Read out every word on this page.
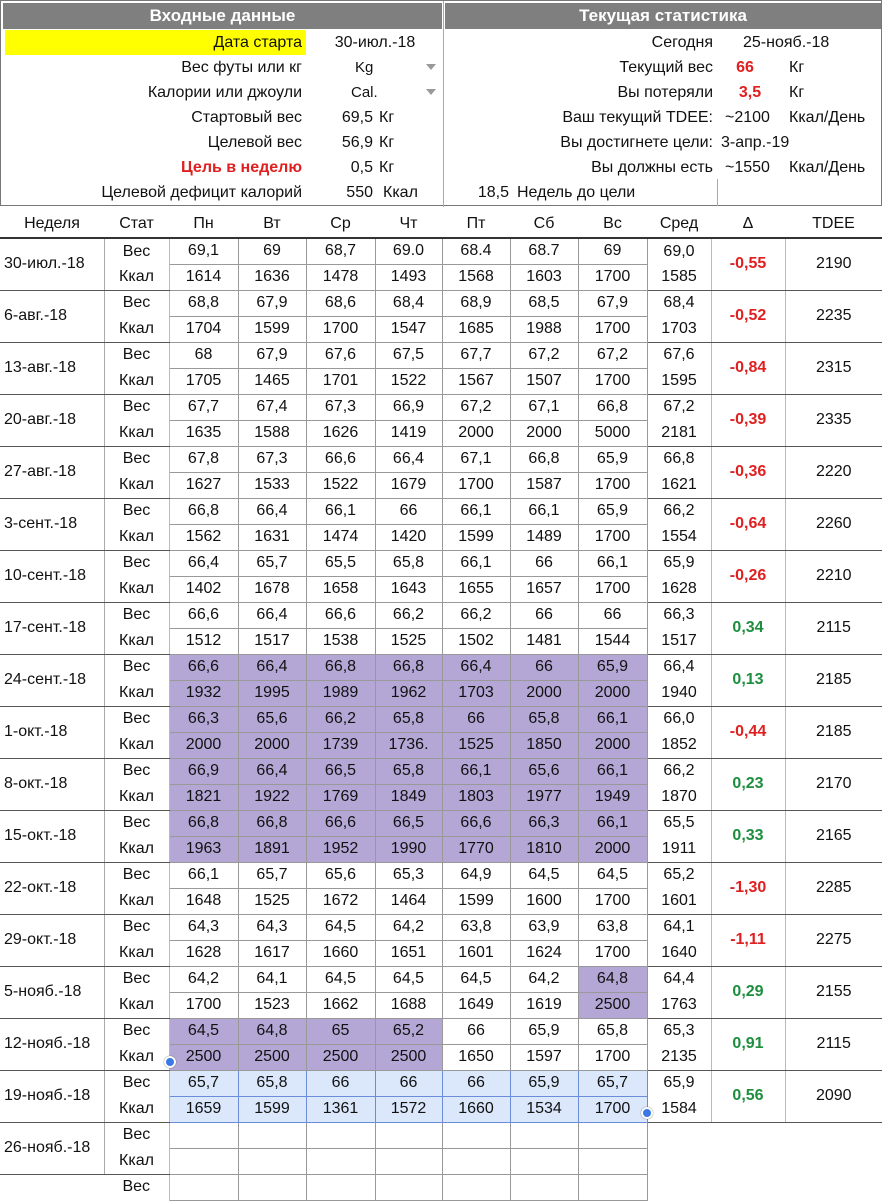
Входные данные	Текущая статистика
Дата старта	30-июл.-18
Вес футы или кг	Kg
Калории или джоули	Cal.
Стартовый вес	69,5 Кг
Целевой вес	56,9 Кг
Цель в неделю	0,5 Кг
Целевой дефицит калорий	550 Ккал
Сегодня 25-нояб.-18
Текущий вес	66	Кг
Вы потеряли	3,5	Кг
Ваш текущий TDEE: ~2100	Ккал/День
Вы достигнете цели: 3-апр.-19
Вы должны есть ~1550	Ккал/День
18,5 Недель до цели
Неделя	Стат	Пн	Вт	Ср	Чт	Пт	Сб	Вс	Сред	Δ	TDEE
30-июл.-18	Вес	69,1	69	68,7	69.0	68.4	68.7	69	69,0	-0,55	2190
	Ккал	1614	1636	1478	1493	1568	1603	1700	1585		
6-авг.-18	Вес	68,8	67,9	68,6	68,4	68,9	68,5	67,9	68,4	-0,52	2235
	Ккал	1704	1599	1700	1547	1685	1988	1700	1703		
13-авг.-18	Вес	68	67,9	67,6	67,5	67,7	67,2	67,2	67,6	-0,84	2315
	Ккал	1705	1465	1701	1522	1567	1507	1700	1595		
20-авг.-18	Вес	67,7	67,4	67,3	66,9	67,2	67,1	66,8	67,2	-0,39	2335
	Ккал	1635	1588	1626	1419	2000	2000	5000	2181		
27-авг.-18	Вес	67,8	67,3	66,6	66,4	67,1	66,8	65,9	66,8	-0,36	2220
	Ккал	1627	1533	1522	1679	1700	1587	1700	1621		
3-сент.-18	Вес	66,8	66,4	66,1	66	66,1	66,1	65,9	66,2	-0,64	2260
	Ккал	1562	1631	1474	1420	1599	1489	1700	1554		
10-сент.-18	Вес	66,4	65,7	65,5	65,8	66,1	66	66,1	65,9	-0,26	2210
	Ккал	1402	1678	1658	1643	1655	1657	1700	1628		
17-сент.-18	Вес	66,6	66,4	66,6	66,2	66,2	66	66	66,3	0,34	2115
	Ккал	1512	1517	1538	1525	1502	1481	1544	1517		
24-сент.-18	Вес	66,6	66,4	66,8	66,8	66,4	66	65,9	66,4	0,13	2185
	Ккал	1932	1995	1989	1962	1703	2000	2000	1940		
1-окт.-18	Вес	66,3	65,6	66,2	65,8	66	65,8	66,1	66,0	-0,44	2185
	Ккал	2000	2000	1739	1736.	1525	1850	2000	1852		
8-окт.-18	Вес	66,9	66,4	66,5	65,8	66,1	65,6	66,1	66,2	0,23	2170
	Ккал	1821	1922	1769	1849	1803	1977	1949	1870		
15-окт.-18	Вес	66,8	66,8	66,6	66,5	66,6	66,3	66,1	65,5	0,33	2165
	Ккал	1963	1891	1952	1990	1770	1810	2000	1911		
22-окт.-18	Вес	66,1	65,7	65,6	65,3	64,9	64,5	64,5	65,2	-1,30	2285
	Ккал	1648	1525	1672	1464	1599	1600	1700	1601		
29-окт.-18	Вес	64,3	64,3	64,5	64,2	63,8	63,9	63,8	64,1	-1,11	2275
	Ккал	1628	1617	1660	1651	1601	1624	1700	1640		
5-нояб.-18	Вес	64,2	64,1	64,5	64,5	64,5	64,2	64,8	64,4	0,29	2155
	Ккал	1700	1523	1662	1688	1649	1619	2500	1763		
12-нояб.-18	Вес	64,5	64,8	65	65,2	66	65,9	65,8	65,3	0,91	2115
	Ккал	2500	2500	2500	2500	1650	1597	1700	2135		
19-нояб.-18	Вес	65,7	65,8	66	66	66	65,9	65,7	65,9	0,56	2090
	Ккал	1659	1599	1361	1572	1660	1534	1700	1584		
26-нояб.-18	Вес										
	Ккал										
	Вес										
